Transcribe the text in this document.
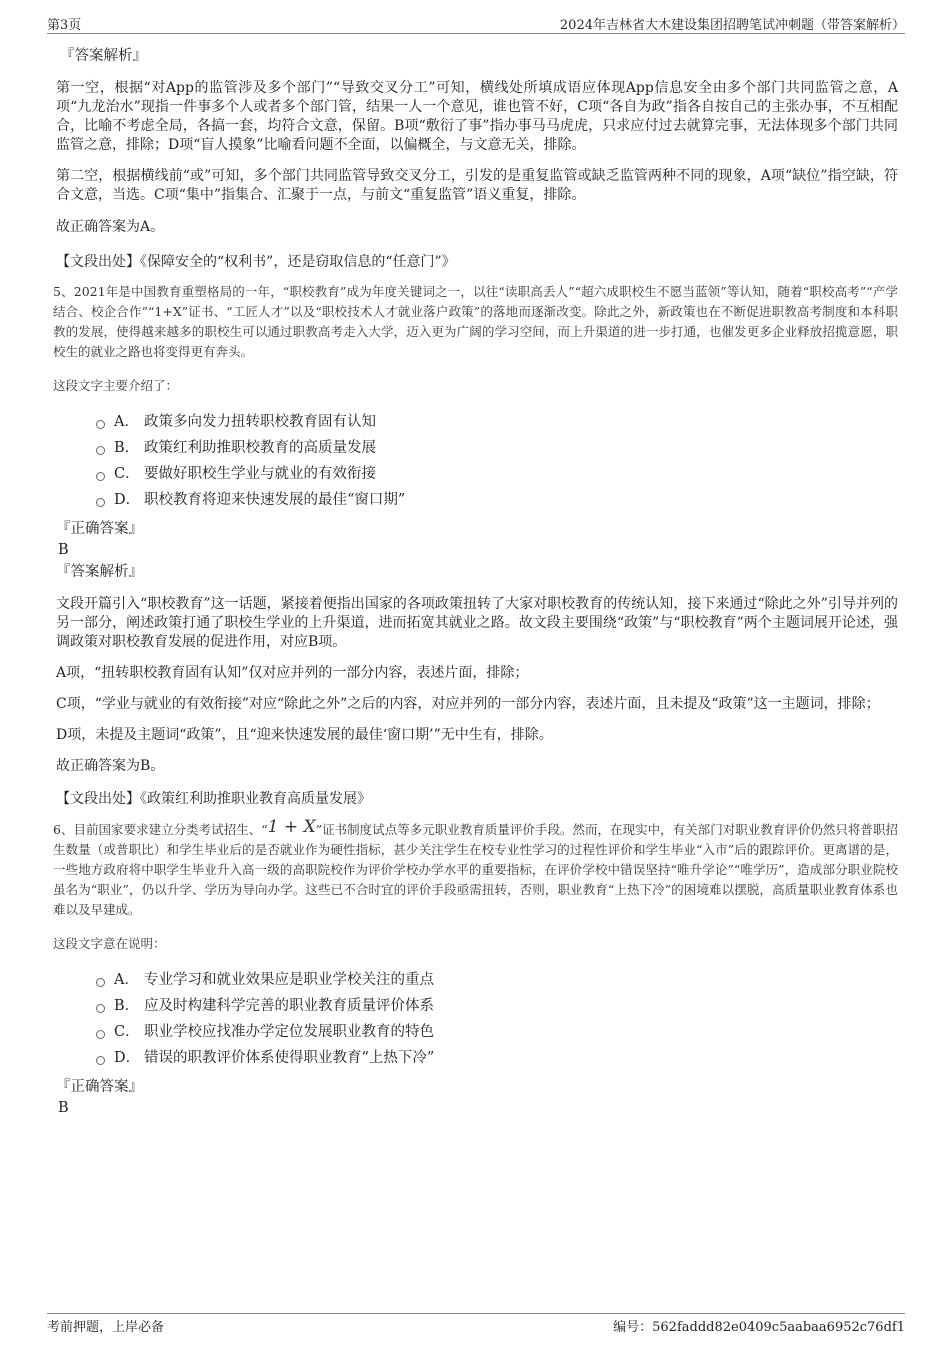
第3页	2024年吉林省大木建设集团招聘笔试冲刺题（带答案解析）
『答案解析』
第一空，根据“对App的监管涉及多个部门”“导致交叉分工”可知，横线处所填成语应体现App信息安全由多个部门共同监管之意，A项“九龙治水”现指一件事多个人或者多个部门管，结果一人一个意见，谁也管不好，C项“各自为政”指各自按自己的主张办事，不互相配合，比喻不考虑全局，各搞一套，均符合文意，保留。B项“敷衍了事”指办事马马虎虎，只求应付过去就算完事，无法体现多个部门共同监管之意，排除；D项“盲人摸象”比喻看问题不全面，以偏概全，与文意无关，排除。
第二空，根据横线前“或”可知，多个部门共同监管导致交叉分工，引发的是重复监管或缺乏监管两种不同的现象，A项“缺位”指空缺，符合文意，当选。C项“集中”指集合、汇聚于一点，与前文“重复监管”语义重复，排除。
故正确答案为A。
【文段出处】《保障安全的“权利书”，还是窃取信息的“任意门”》
5、2021年是中国教育重塑格局的一年，“职校教育”成为年度关键词之一，以往“读职高丢人”“超六成职校生不愿当蓝领”等认知，随着“职校高考”“产学结合、校企合作”“1+X”证书、“工匠人才”以及“职校技术人才就业落户政策”的落地而逐渐改变。除此之外，新政策也在不断促进职教高考制度和本科职教的发展，使得越来越多的职校生可以通过职教高考走入大学，迈入更为广阔的学习空间，而上升渠道的进一步打通，也催发更多企业释放招揽意愿，职校生的就业之路也将变得更有奔头。
这段文字主要介绍了：
A． 政策多向发力扭转职校教育固有认知
B． 政策红利助推职校教育的高质量发展
C． 要做好职校生学业与就业的有效衔接
D． 职校教育将迎来快速发展的最佳“窗口期”
『正确答案』
B
『答案解析』
文段开篇引入“职校教育”这一话题，紧接着便指出国家的各项政策扭转了大家对职校教育的传统认知，接下来通过“除此之外”引导并列的另一部分，阐述政策打通了职校生学业的上升渠道，进而拓宽其就业之路。故文段主要围绕“政策”与“职校教育”两个主题词展开论述，强调政策对职校教育发展的促进作用，对应B项。
A项，“扭转职校教育固有认知”仅对应并列的一部分内容，表述片面，排除；
C项，“学业与就业的有效衔接”对应“除此之外”之后的内容，对应并列的一部分内容，表述片面，且未提及“政策”这一主题词，排除；
D项，未提及主题词“政策”，且“迎来快速发展的最佳‘窗口期’”无中生有，排除。
故正确答案为B。
【文段出处】《政策红利助推职业教育高质量发展》
6、目前国家要求建立分类考试招生、“1 + X”证书制度试点等多元职业教育质量评价手段。然而，在现实中，有关部门对职业教育评价仍然只将普职招生数量（或普职比）和学生毕业后的是否就业作为硬性指标，甚少关注学生在校专业性学习的过程性评价和学生毕业“入市”后的跟踪评价。更离谱的是，一些地方政府将中职学生毕业升入高一级的高职院校作为评价学校办学水平的重要指标，在评价学校中错误坚持“唯升学论”“唯学历”，造成部分职业院校虽名为“职业”，仍以升学、学历为导向办学。这些已不合时宜的评价手段亟需扭转，否则，职业教育“上热下冷”的困境难以摆脱，高质量职业教育体系也难以及早建成。
这段文字意在说明：
A． 专业学习和就业效果应是职业学校关注的重点
B． 应及时构建科学完善的职业教育质量评价体系
C． 职业学校应找准办学定位发展职业教育的特色
D． 错误的职教评价体系使得职业教育“上热下冷”
『正确答案』
B
考前押题，上岸必备	编号：562faddd82e0409c5aabaa6952c76df1
